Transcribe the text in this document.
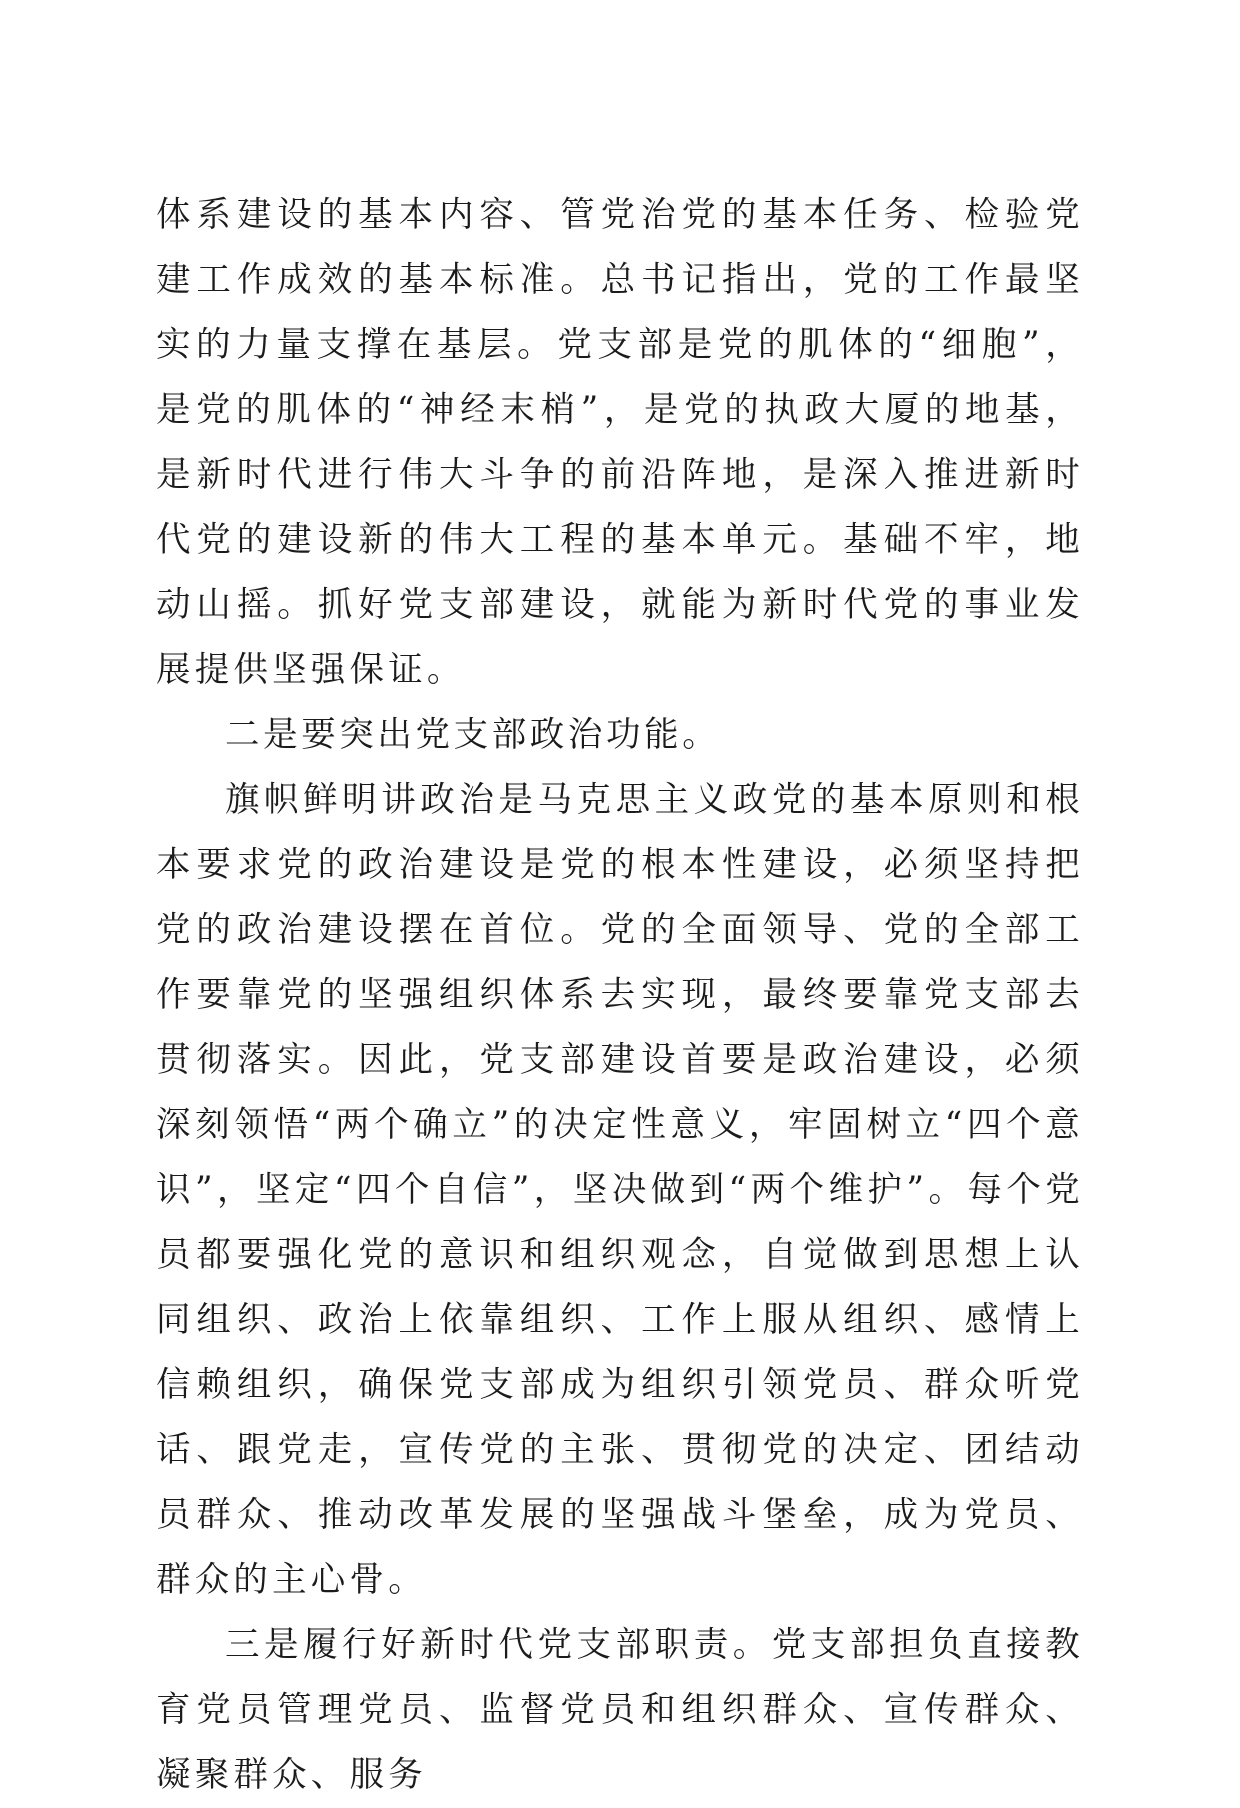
体系建设的基本内容、管党治党的基本任务、检验党建工作成效的基本标准。总书记指出，党的工作最坚实的力量支撑在基层。党支部是党的肌体的“细胞”，是党的肌体的“神经末梢”，是党的执政大厦的地基，是新时代进行伟大斗争的前沿阵地，是深入推进新时代党的建设新的伟大工程的基本单元。基础不牢，地动山摇。抓好党支部建设，就能为新时代党的事业发展提供坚强保证。

二是要突出党支部政治功能。

旗帜鲜明讲政治是马克思主义政党的基本原则和根本要求党的政治建设是党的根本性建设，必须坚持把党的政治建设摆在首位。党的全面领导、党的全部工作要靠党的坚强组织体系去实现，最终要靠党支部去贯彻落实。因此，党支部建设首要是政治建设，必须深刻领悟“两个确立”的决定性意义，牢固树立“四个意识”，坚定“四个自信”，坚决做到“两个维护”。每个党员都要强化党的意识和组织观念，自觉做到思想上认同组织、政治上依靠组织、工作上服从组织、感情上信赖组织，确保党支部成为组织引领党员、群众听党话、跟党走，宣传党的主张、贯彻党的决定、团结动员群众、推动改革发展的坚强战斗堡垒，成为党员、群众的主心骨。

三是履行好新时代党支部职责。党支部担负直接教育党员管理党员、监督党员和组织群众、宣传群众、凝聚群众、服务
